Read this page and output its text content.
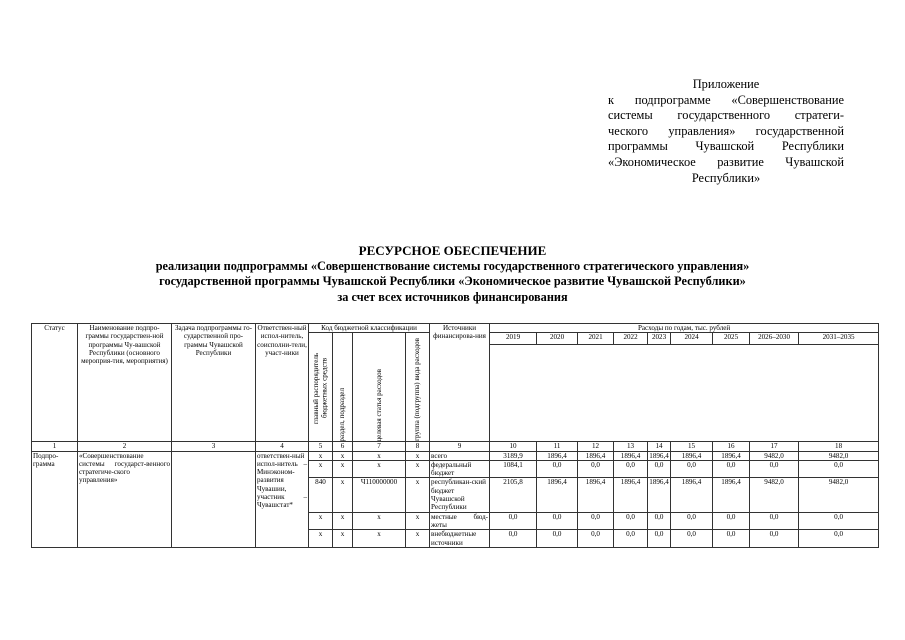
Приложение
к подпрограмме «Совершенствование
системы государственного стратеги-
ческого управления» государственной
программы Чувашской Республики
«Экономическое развитие Чувашской
Республики»
РЕСУРСНОЕ ОБЕСПЕЧЕНИЕ
реализации подпрограммы «Совершенствование системы государственного стратегического управления»
государственной программы Чувашской Республики «Экономическое развитие Чувашской Республики»
за счет всех источников финансирования
Статус	Наименование подпро-граммы государствен-ной программы Чу-вашской Республики (основного мероприя-тия, мероприятия)	Задача подпрограммы го-сударственной про-граммы Чувашской Республики	Ответствен-ный испол-нитель, соисполни-тели, участ-ники	Код бюджетной классификации				Источники финансирова-ния	Расходы по годам, тыс. рублей								

				главный распорядитель бюджетных средств	раздел, подраздел	целевая статья расходов	группа (подгруппа) вида расходов		2019	2020	2021	2022	2023	2024	2025	2026–2030	2031–2035

1	2	3	4	5	6	7	8	9	10	11	12	13	14	15	16	17	18
Подпро-грамма	«Совершенствование системы государст-венного стратегиче-ского управления»		ответствен-ный испол-нитель – Минэконом-развития Чувашии, участник – Чувашстат*	x	x	x	x	всего	3189,9	1896,4	1896,4	1896,4	1896,4	1896,4	1896,4	9482,0	9482,0
				x	x	x	x	федеральный бюджет	1084,1	0,0	0,0	0,0	0,0	0,0	0,0	0,0	0,0
				840	x	Ч110000000	x	республикан-ский бюджет Чувашской Республики	2105,8	1896,4	1896,4	1896,4	1896,4	1896,4	1896,4	9482,0	9482,0
				x	x	x	x	местные бюд-жеты	0,0	0,0	0,0	0,0	0,0	0,0	0,0	0,0	0,0
				x	x	x	x	внебюджетные источники	0,0	0,0	0,0	0,0	0,0	0,0	0,0	0,0	0,0
